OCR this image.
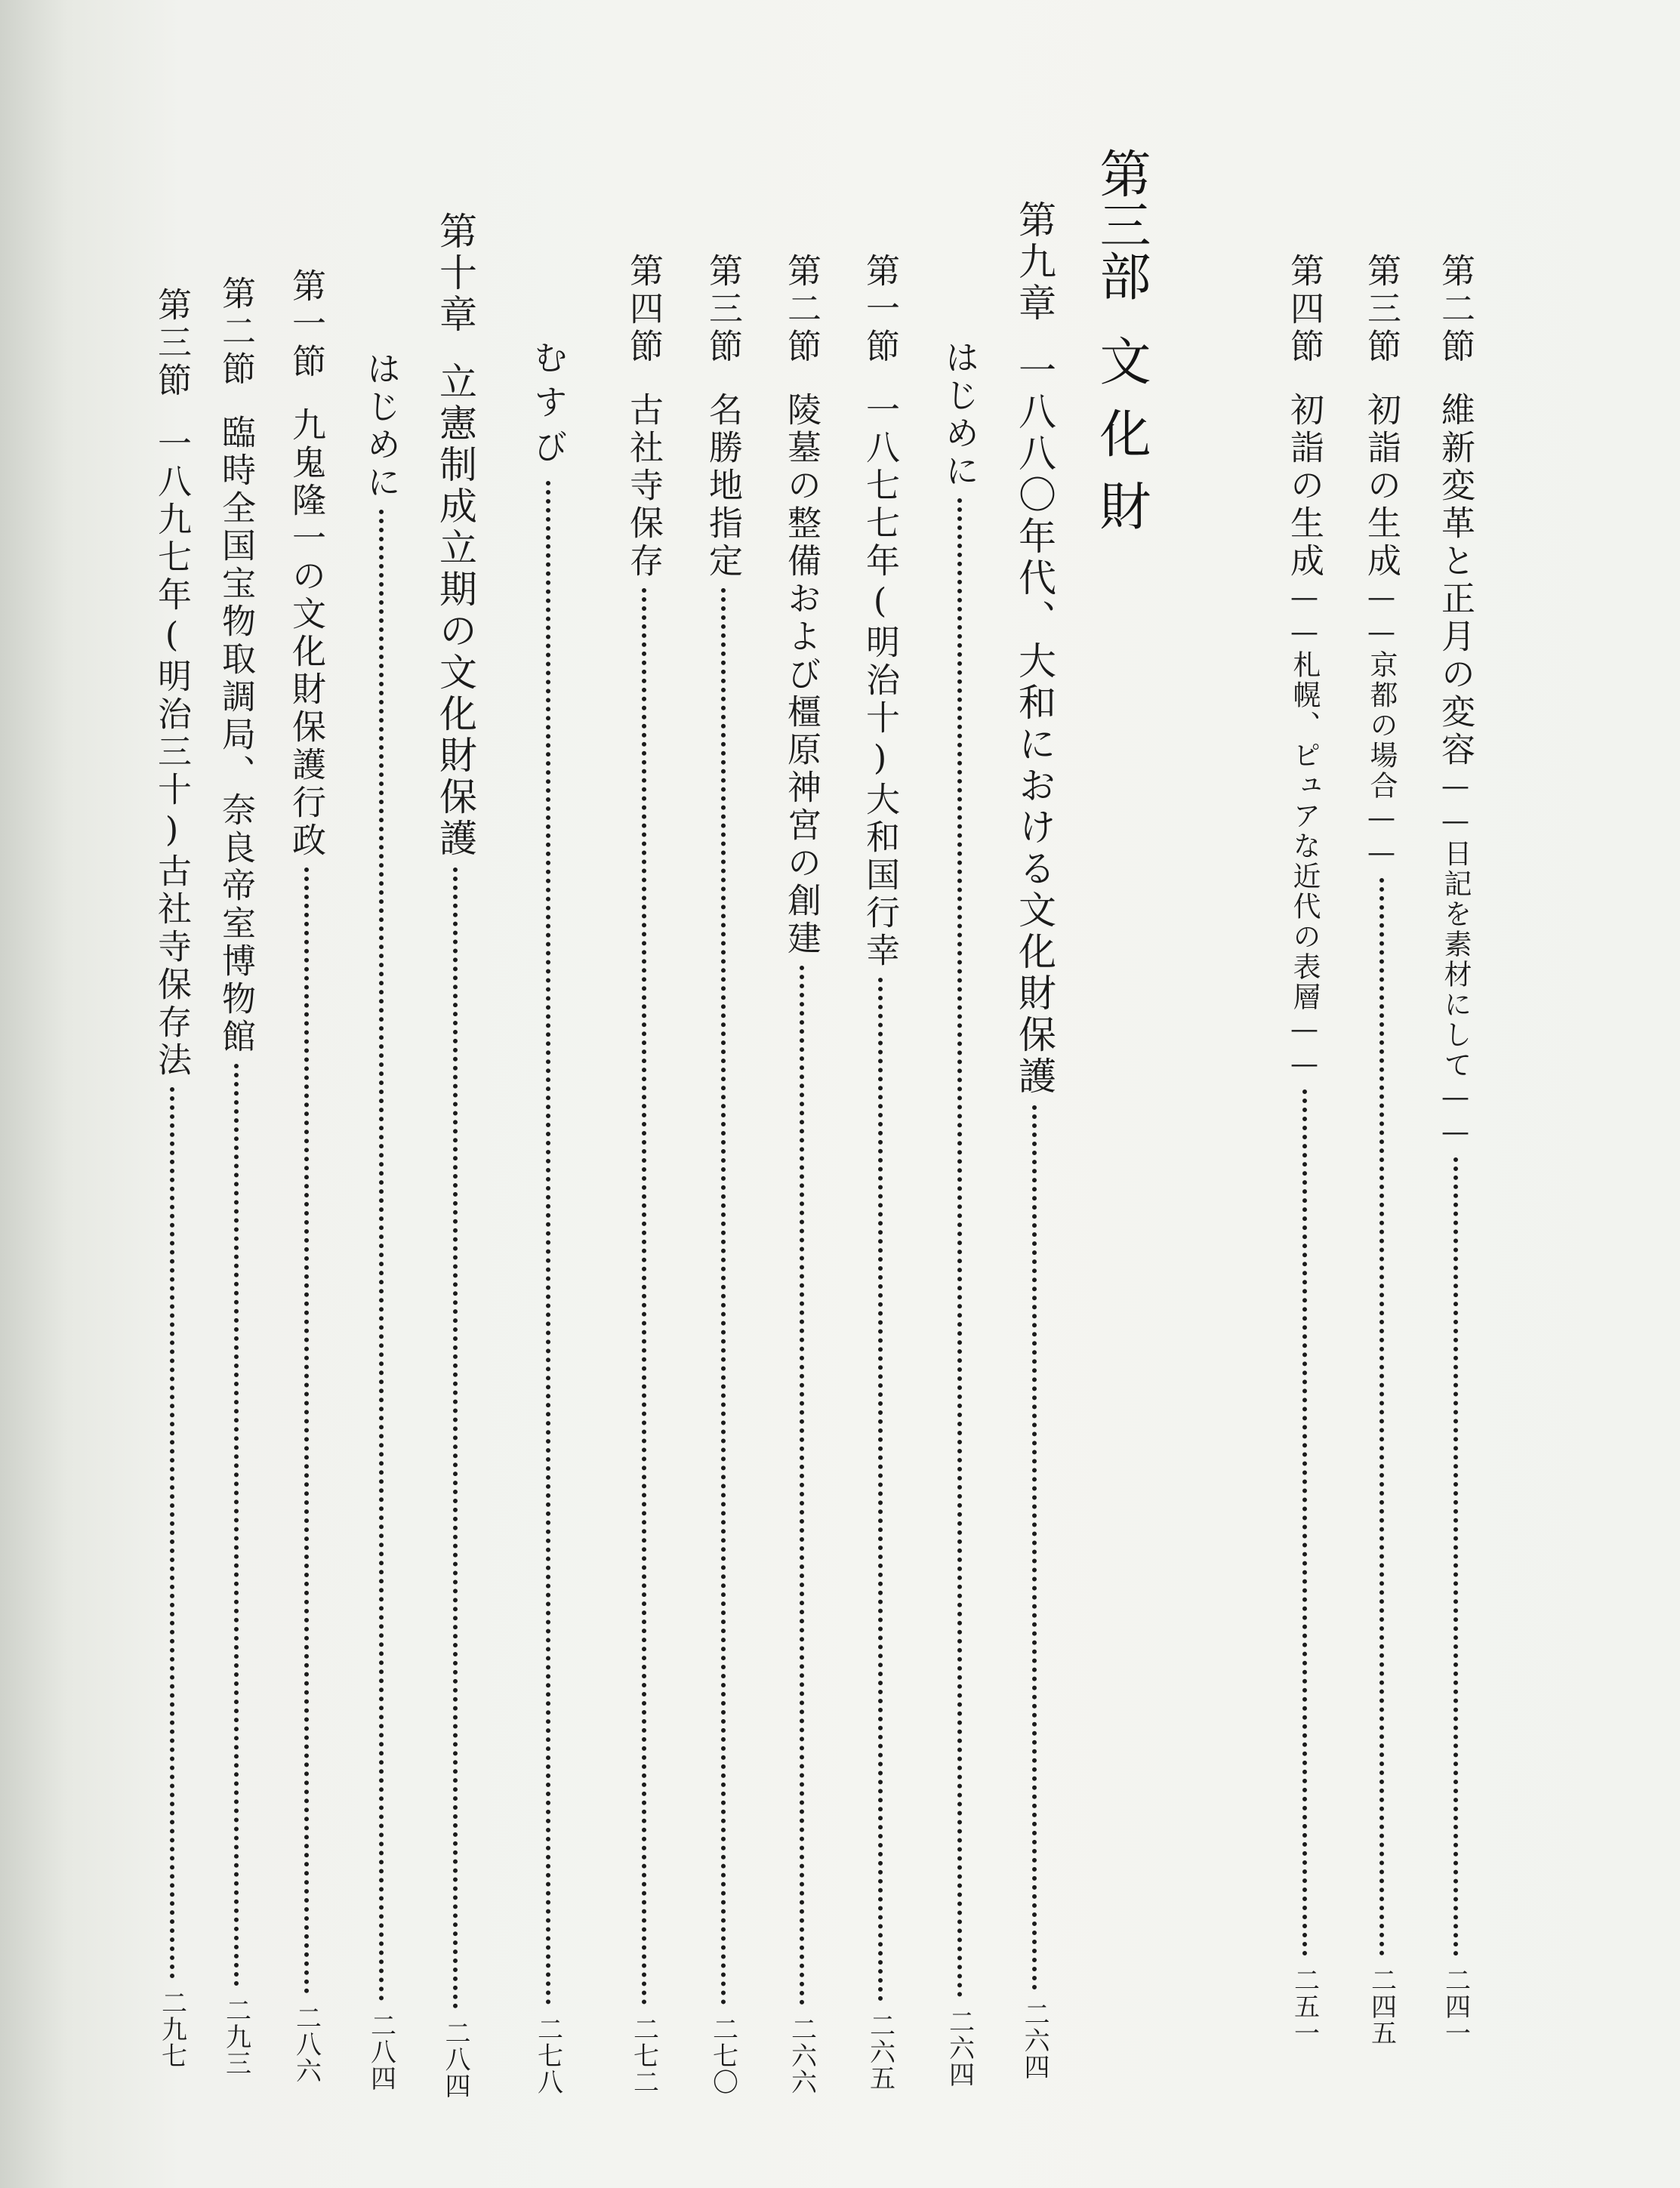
第二節
維新変革と正月の変容
——日記を素材にして——
二四一
第三節
初詣の生成
——京都の場合——
二四五
第四節
初詣の生成
——札幌、ピュアな近代の表層——
二五一
第三部文化財
第九章
一八八〇年代、大和における文化財保護
二六四
はじめに
二六四
第一節
一八七七年(明治十)大和国行幸
二六五
第二節
陵墓の整備および橿原神宮の創建
二六六
第三節
名勝地指定
二七〇
第四節
古社寺保存
二七二
むすび
二七八
第十章
立憲制成立期の文化財保護
二八四
はじめに
二八四
第一節
九鬼隆一の文化財保護行政
二八六
第二節
臨時全国宝物取調局、奈良帝室博物館
二九三
第三節
一八九七年(明治三十)古社寺保存法
二九七
